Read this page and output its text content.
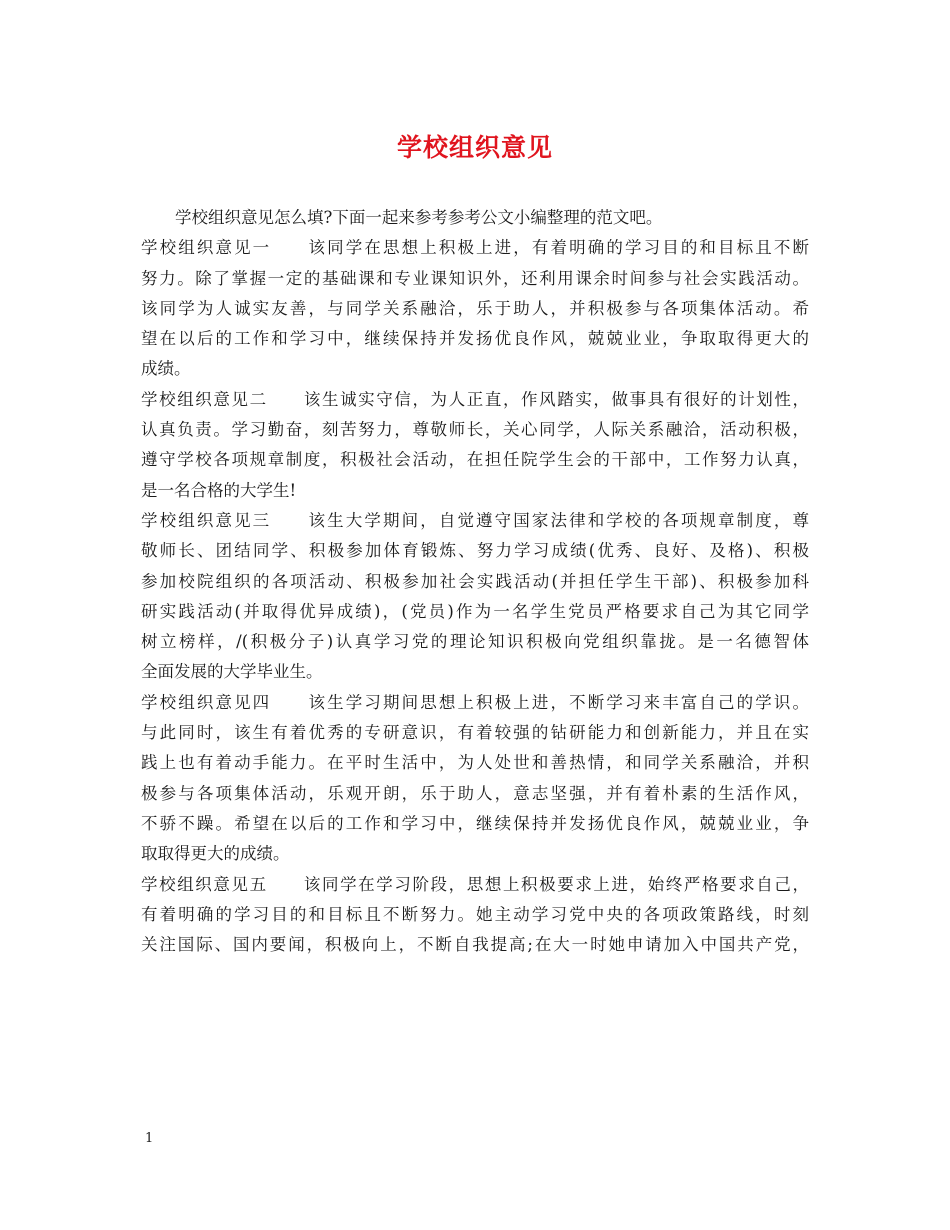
学校组织意见
学校组织意见怎么填?下面一起来参考参考公文小编整理的范文吧。
学校组织意见一　　该同学在思想上积极上进，有着明确的学习目的和目标且不断
努力。除了掌握一定的基础课和专业课知识外，还利用课余时间参与社会实践活动。
该同学为人诚实友善，与同学关系融洽，乐于助人，并积极参与各项集体活动。希
望在以后的工作和学习中，继续保持并发扬优良作风，兢兢业业，争取取得更大的
成绩。
学校组织意见二　　该生诚实守信，为人正直，作风踏实，做事具有很好的计划性，
认真负责。学习勤奋，刻苦努力，尊敬师长，关心同学，人际关系融洽，活动积极，
遵守学校各项规章制度，积极社会活动，在担任院学生会的干部中，工作努力认真，
是一名合格的大学生!
学校组织意见三　　该生大学期间，自觉遵守国家法律和学校的各项规章制度，尊
敬师长、团结同学、积极参加体育锻炼、努力学习成绩(优秀、良好、及格)、积极
参加校院组织的各项活动、积极参加社会实践活动(并担任学生干部)、积极参加科
研实践活动(并取得优异成绩)，(党员)作为一名学生党员严格要求自己为其它同学
树立榜样，/(积极分子)认真学习党的理论知识积极向党组织靠拢。是一名德智体
全面发展的大学毕业生。
学校组织意见四　　该生学习期间思想上积极上进，不断学习来丰富自己的学识。
与此同时，该生有着优秀的专研意识，有着较强的钻研能力和创新能力，并且在实
践上也有着动手能力。在平时生活中，为人处世和善热情，和同学关系融洽，并积
极参与各项集体活动，乐观开朗，乐于助人，意志坚强，并有着朴素的生活作风，
不骄不躁。希望在以后的工作和学习中，继续保持并发扬优良作风，兢兢业业，争
取取得更大的成绩。
学校组织意见五　　该同学在学习阶段，思想上积极要求上进，始终严格要求自己，
有着明确的学习目的和目标且不断努力。她主动学习党中央的各项政策路线，时刻
关注国际、国内要闻，积极向上，不断自我提高;在大一时她申请加入中国共产党，
1
